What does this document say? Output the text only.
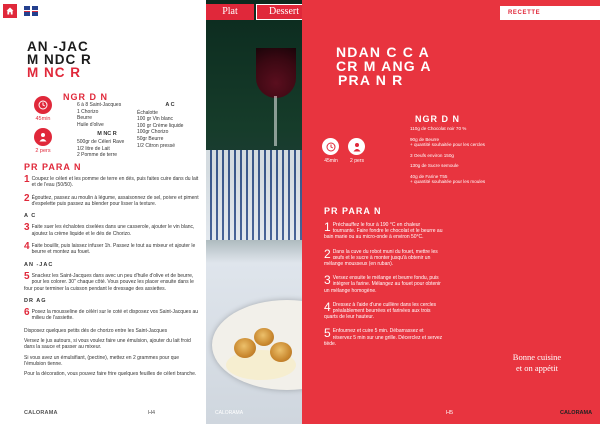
AN -JAC
M NDC R
M NC R
NGR D N
45min
2 pers
6 à 8 Saint-Jacques
1 Chorizo
Beurre
Huile d'olive
M NC R
500gr de Céleri Rave
1/2 litre de Lait
2 Pomme de terre
A C
Échalotte
100 gr Vin blanc
100 gr Crème liquide
100gr Chorizo
50gr Beurre
1/2 Citron pressé
PR PARA N
1 Coupez le céleri et les pomme de terre en dés, puis faites cuire dans du lait et de l'eau (50/50).
2 Égouttez, passez au moulin à légume, assaisonnez de sel, poivre et piment d'espelette puis passez au blender pour lisser la texture.
A C
3 Faite suer les échalotes ciselées dans une casserole, ajouter le vin blanc, ajoutez la crème liquide et le dés de Chorizo.
4 Faite bouillir, puis laissez infuser 1h. Passez le tout au mixeur et ajouter le beurre et montez au fouet.
AN -JAC
5 Snackez les Saint-Jacques dans avec un peu d'huile d'olive et de beurre, pour les colorer. 30'' chaque côté. Vous pouvez les placer ensuite dans le four pour terminer la cuisson pendant le dressage des assiettes.
DR AG
6 Posez la mousseline de céléri sur le coté et disposez vos Saint-Jacques au milieu de l'assiette.
Disposez quelques petits dés de chorizo entre les Saint-Jacques
Versez le jus autours, si vous voulez faire une émulsion, ajouter du lait froid dans la sauce et passer au mixeur.
Si vous avez un émulsifiant, (pectine), mettez en 2 grammes pour que l'émulsion tienne.
Pour la décoration, vous pouvez faire frire quelques feuilles de céleri branche.
CALORAMA	H4
Plat	Dessert
CALORAMA
RECETTE
NDAN C C A
CR M ANG A
PRA N R
NGR D N
45min	2 pers
110g de Chocolat noir 70 %
90g de Beurre
+ quantité souhaitée pour les cercles
3 Oeufs environ 150g
130g de Sucre semoule
40g de Farine T55
+ quantité souhaitée pour les moules
PR PARA N
1 Préchauffez le four à 190 °C en chaleur tournante. Faire fondre le chocolat et le beurre au bain marie ou au micro-onde à environ 50°C.
2 Dans la cuve du robot muni du fouet, mettre les œufs et le sucre à monter jusqu'à obtenir un mélange mousseux (en ruban).
3 Versez ensuite le mélange et beurre fondu, puis intégrer la farine. Mélangez au fouet pour obtenir un mélange homogène.
4 Dressez à l'aide d'une cuillère dans les cercles préalablement beurrées et farinées aux trois quarts de leur hauteur.
5 Enfournez et cuire 5 min. Débarrassez et réservez 5 min sur une grille. Décerclez et servez tiède.
Bonne cuisine
et on appétit
H5	CALORAMA
